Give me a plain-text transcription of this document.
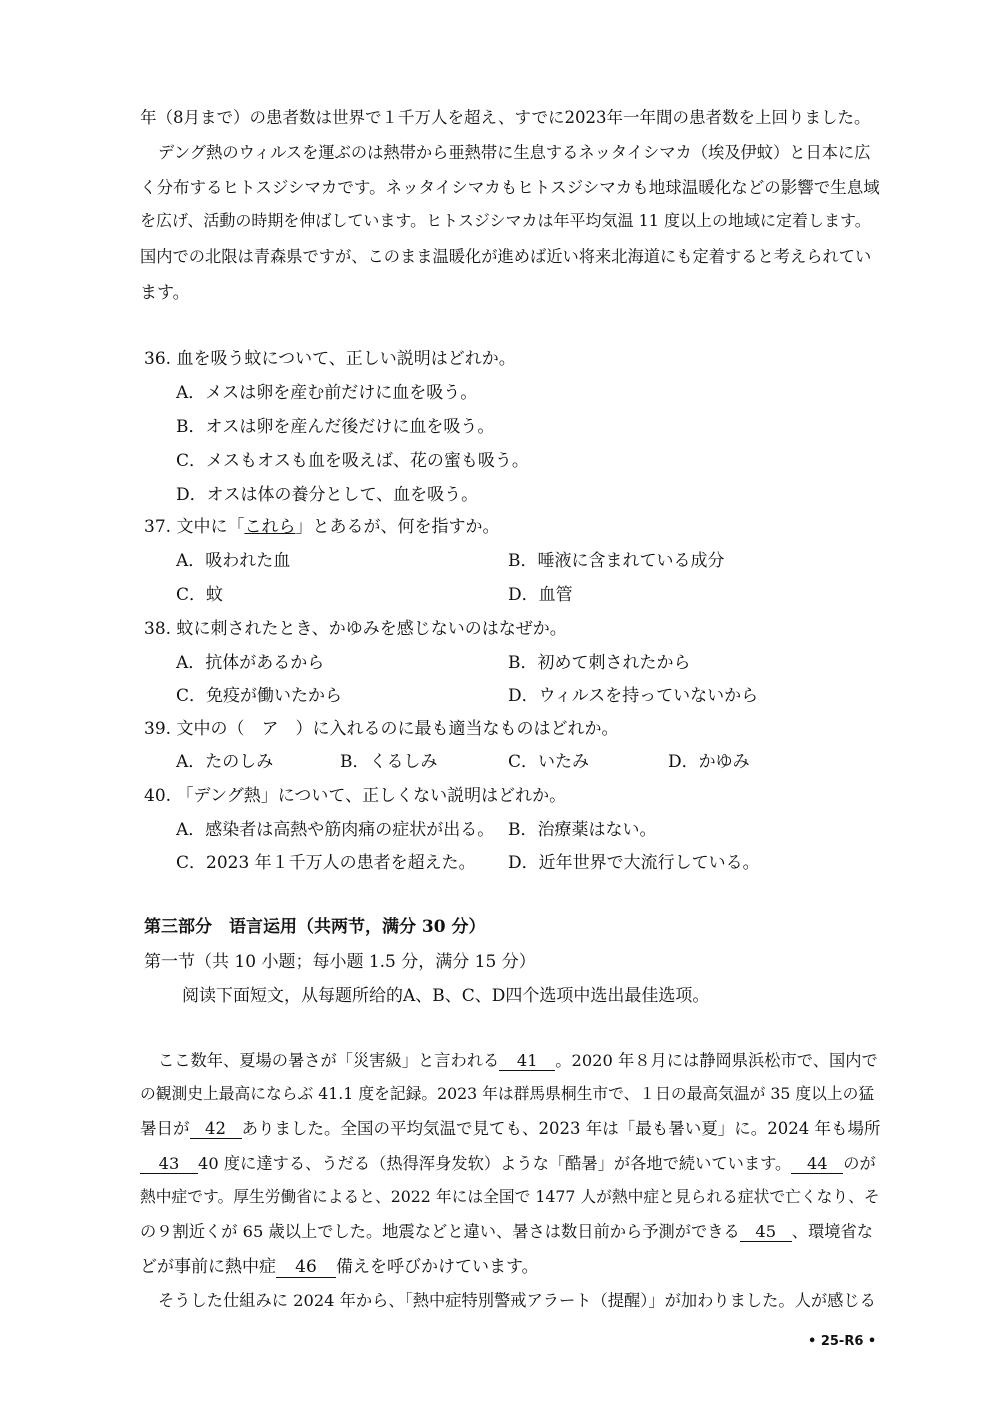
年（8月まで）の患者数は世界で１千万人を超え、すでに2023年一年間の患者数を上回りました。
デング熱のウィルスを運ぶのは熱帯から亜熱帯に生息するネッタイシマカ（埃及伊蚊）と日本に広
く分布するヒトスジシマカです。ネッタイシマカもヒトスジシマカも地球温暖化などの影響で生息域
を広げ、活動の時期を伸ばしています。ヒトスジシマカは年平均気温 11 度以上の地域に定着します。
国内での北限は青森県ですが、このまま温暖化が進めば近い将来北海道にも定着すると考えられてい
ます。
36. 血を吸う蚊について、正しい説明はどれか。
A．メスは卵を産む前だけに血を吸う。
B．オスは卵を産んだ後だけに血を吸う。
C．メスもオスも血を吸えば、花の蜜も吸う。
D．オスは体の養分として、血を吸う。
37. 文中に「これら」とあるが、何を指すか。
A．吸われた血	B．唾液に含まれている成分
C．蚊	D．血管
38. 蚊に刺されたとき、かゆみを感じないのはなぜか。
A．抗体があるから	B．初めて刺されたから
C．免疫が働いたから	D．ウィルスを持っていないから
39. 文中の（　ア　）に入れるのに最も適当なものはどれか。
A．たのしみ	B．くるしみ	C．いたみ	D．かゆみ
40. 「デング熱」について、正しくない説明はどれか。
A．感染者は高熱や筋肉痛の症状が出る。 B．治療薬はない。
C．2023 年１千万人の患者を超えた。 D．近年世界で大流行している。
第三部分　语言运用（共两节，满分 30 分）
第一节（共 10 小题；每小题 1.5 分，满分 15 分）
阅读下面短文，从每题所给的A、B、C、D四个选项中选出最佳选项。
ここ数年、夏場の暑さが「災害級」と言われる 41 。2020 年８月には静岡県浜松市で、国内で
の観測史上最高にならぶ 41.1 度を記録。2023 年は群馬県桐生市で、１日の最高気温が 35 度以上の猛
暑日が 42 ありました。全国の平均気温で見ても、2023 年は「最も暑い夏」に。2024 年も場所
43 40 度に達する、うだる（热得浑身发软）ような「酷暑」が各地で続いています。 44 のが
熱中症です。厚生労働省によると、2022 年には全国で 1477 人が熱中症と見られる症状で亡くなり、そ
の９割近くが 65 歳以上でした。地震などと違い、暑さは数日前から予測ができる 45 、環境省な
どが事前に熱中症 46 備えを呼びかけています。
そうした仕組みに 2024 年から、「熱中症特別警戒アラート（提醒）」が加わりました。人が感じる
• 25-R6 •
